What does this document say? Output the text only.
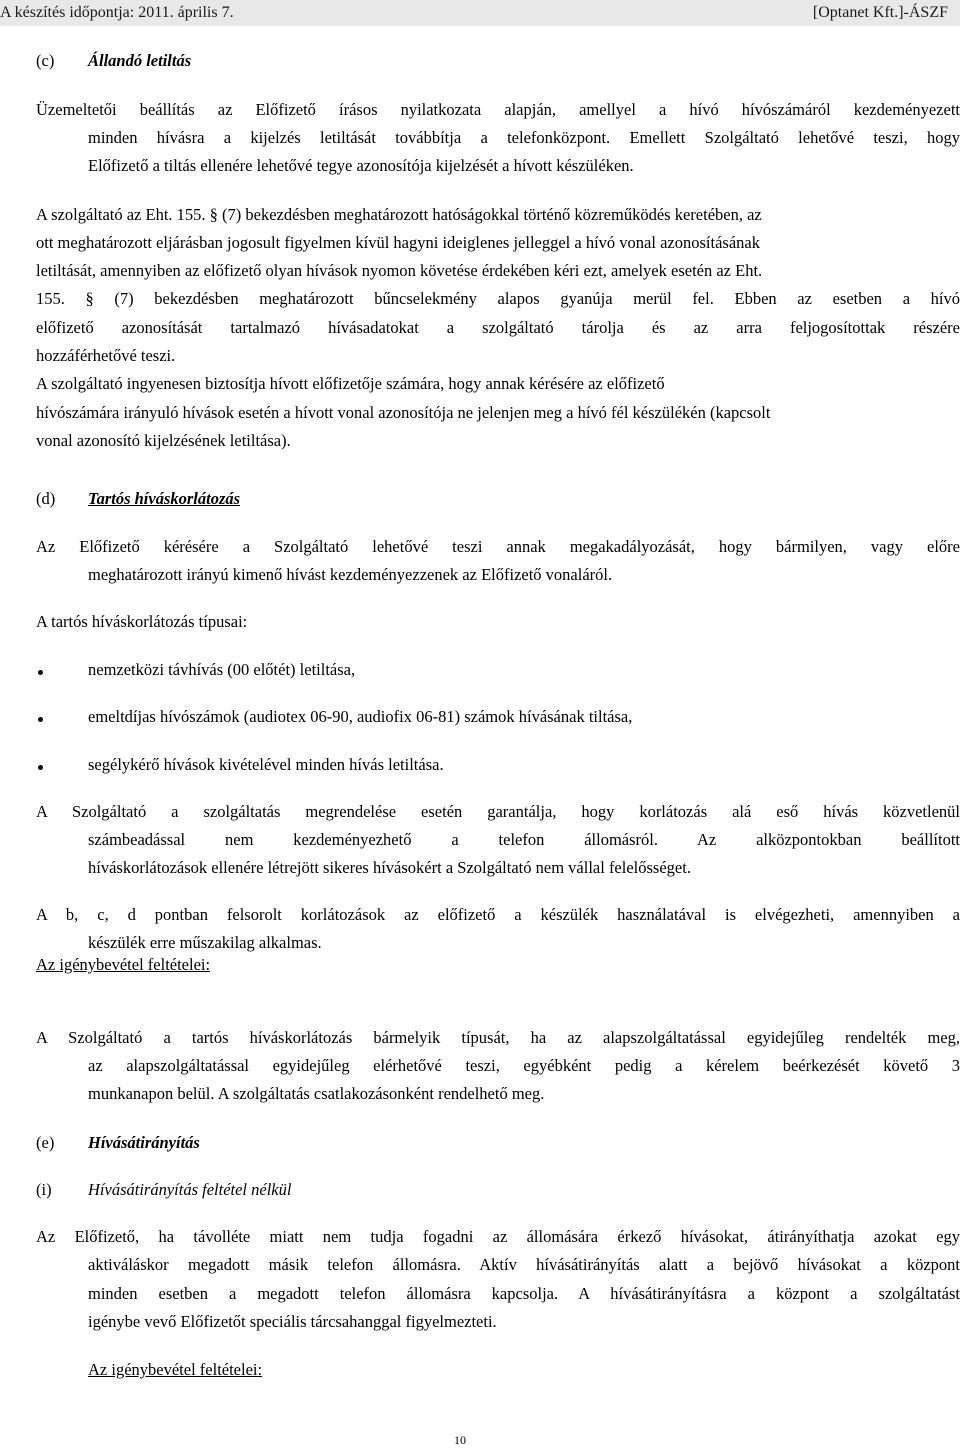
A készítés időpontja: 2011. április 7.	[Optanet Kft.]-ÁSZF
(c) Állandó letiltás
Üzemeltetői beállítás az Előfizető írásos nyilatkozata alapján, amellyel a hívó hívószámáról kezdeményezett
minden hívásra a kijelzés letiltását továbbítja a telefonközpont. Emellett Szolgáltató lehetővé teszi, hogy
Előfizető a tiltás ellenére lehetővé tegye azonosítója kijelzését a hívott készüléken.
A szolgáltató az Eht. 155. § (7) bekezdésben meghatározott hatóságokkal történő közreműködés keretében, az
ott meghatározott eljárásban jogosult figyelmen kívül hagyni ideiglenes jelleggel a hívó vonal azonosításának
letiltását, amennyiben az előfizető olyan hívások nyomon követése érdekében kéri ezt, amelyek esetén az Eht.
155. § (7) bekezdésben meghatározott bűncselekmény alapos gyanúja merül fel. Ebben az esetben a hívó
előfizető azonosítását tartalmazó hívásadatokat a szolgáltató tárolja és az arra feljogosítottak részére
hozzáférhetővé teszi.
A szolgáltató ingyenesen biztosítja hívott előfizetője számára, hogy annak kérésére az előfizető
hívószámára irányuló hívások esetén a hívott vonal azonosítója ne jelenjen meg a hívó fél készülékén (kapcsolt
vonal azonosító kijelzésének letiltása).
(d) Tartós híváskorlátozás
Az Előfizető kérésére a Szolgáltató lehetővé teszi annak megakadályozását, hogy bármilyen, vagy előre
meghatározott irányú kimenő hívást kezdeményezzenek az Előfizető vonaláról.
A tartós híváskorlátozás típusai:
nemzetközi távhívás (00 előtét) letiltása,
emeltdíjas hívószámok (audiotex 06-90, audiofix 06-81) számok hívásának tiltása,
segélykérő hívások kivételével minden hívás letiltása.
A Szolgáltató a szolgáltatás megrendelése esetén garantálja, hogy korlátozás alá eső hívás közvetlenül
számbeadással nem kezdeményezhető a telefon állomásról. Az alközpontokban beállított
híváskorlátozások ellenére létrejött sikeres hívásokért a Szolgáltató nem vállal felelősséget.
A b, c, d pontban felsorolt korlátozások az előfizető a készülék használatával is elvégezheti, amennyiben a
készülék erre műszakilag alkalmas.
Az igénybevétel feltételei:
A Szolgáltató a tartós híváskorlátozás bármelyik típusát, ha az alapszolgáltatással egyidejűleg rendelték meg,
az alapszolgáltatással egyidejűleg elérhetővé teszi, egyébként pedig a kérelem beérkezését követő 3
munkanapon belül. A szolgáltatás csatlakozásonként rendelhető meg.
(e) Hívásátirányítás
(i) Hívásátirányítás feltétel nélkül
Az Előfizető, ha távolléte miatt nem tudja fogadni az állomására érkező hívásokat, átirányíthatja azokat egy
aktiváláskor megadott másik telefon állomásra. Aktív hívásátirányítás alatt a bejövő hívásokat a központ
minden esetben a megadott telefon állomásra kapcsolja. A hívásátirányításra a központ a szolgáltatást
igénybe vevő Előfizetőt speciális tárcsahanggal figyelmezteti.
Az igénybevétel feltételei:
10
